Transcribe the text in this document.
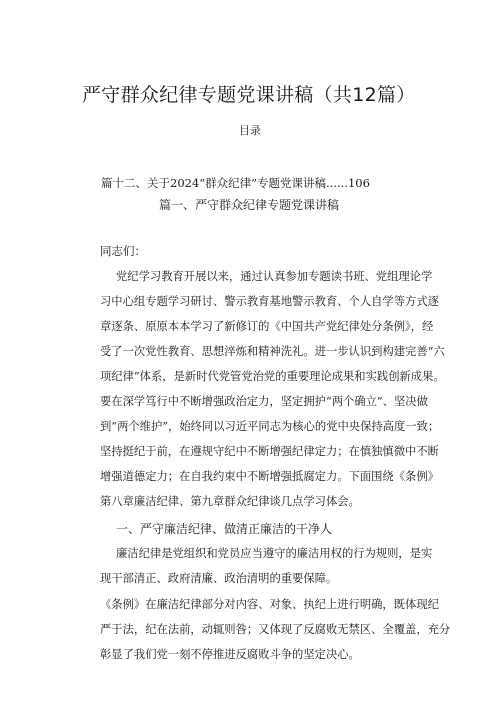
严守群众纪律专题党课讲稿（共12篇）
目录
篇十二、关于2024“群众纪律”专题党课讲稿......106
篇一、严守群众纪律专题党课讲稿
同志们：
党纪学习教育开展以来，通过认真参加专题读书班、党组理论学
习中心组专题学习研讨、警示教育基地警示教育、个人自学等方式逐
章逐条、原原本本学习了新修订的《中国共产党纪律处分条例》，经
受了一次党性教育、思想淬炼和精神洗礼。进一步认识到构建完善“六
项纪律”体系，是新时代党管党治党的重要理论成果和实践创新成果。
要在深学笃行中不断增强政治定力，坚定拥护“两个确立”、坚决做
到“两个维护”，始终同以习近平同志为核心的党中央保持高度一致；
坚持挺纪于前，在遵规守纪中不断增强纪律定力；在慎独慎微中不断
增强道德定力；在自我约束中不断增强抵腐定力。下面围绕《条例》
第八章廉洁纪律、第九章群众纪律谈几点学习体会。
一、严守廉洁纪律、做清正廉洁的干净人
廉洁纪律是党组织和党员应当遵守的廉洁用权的行为规则，是实
现干部清正、政府清廉、政治清明的重要保障。
《条例》在廉洁纪律部分对内容、对象、执纪上进行明确，既体现纪
严于法，纪在法前，动辄则咎；又体现了反腐败无禁区、全覆盖，充分
彰显了我们党一刻不停推进反腐败斗争的坚定决心。
